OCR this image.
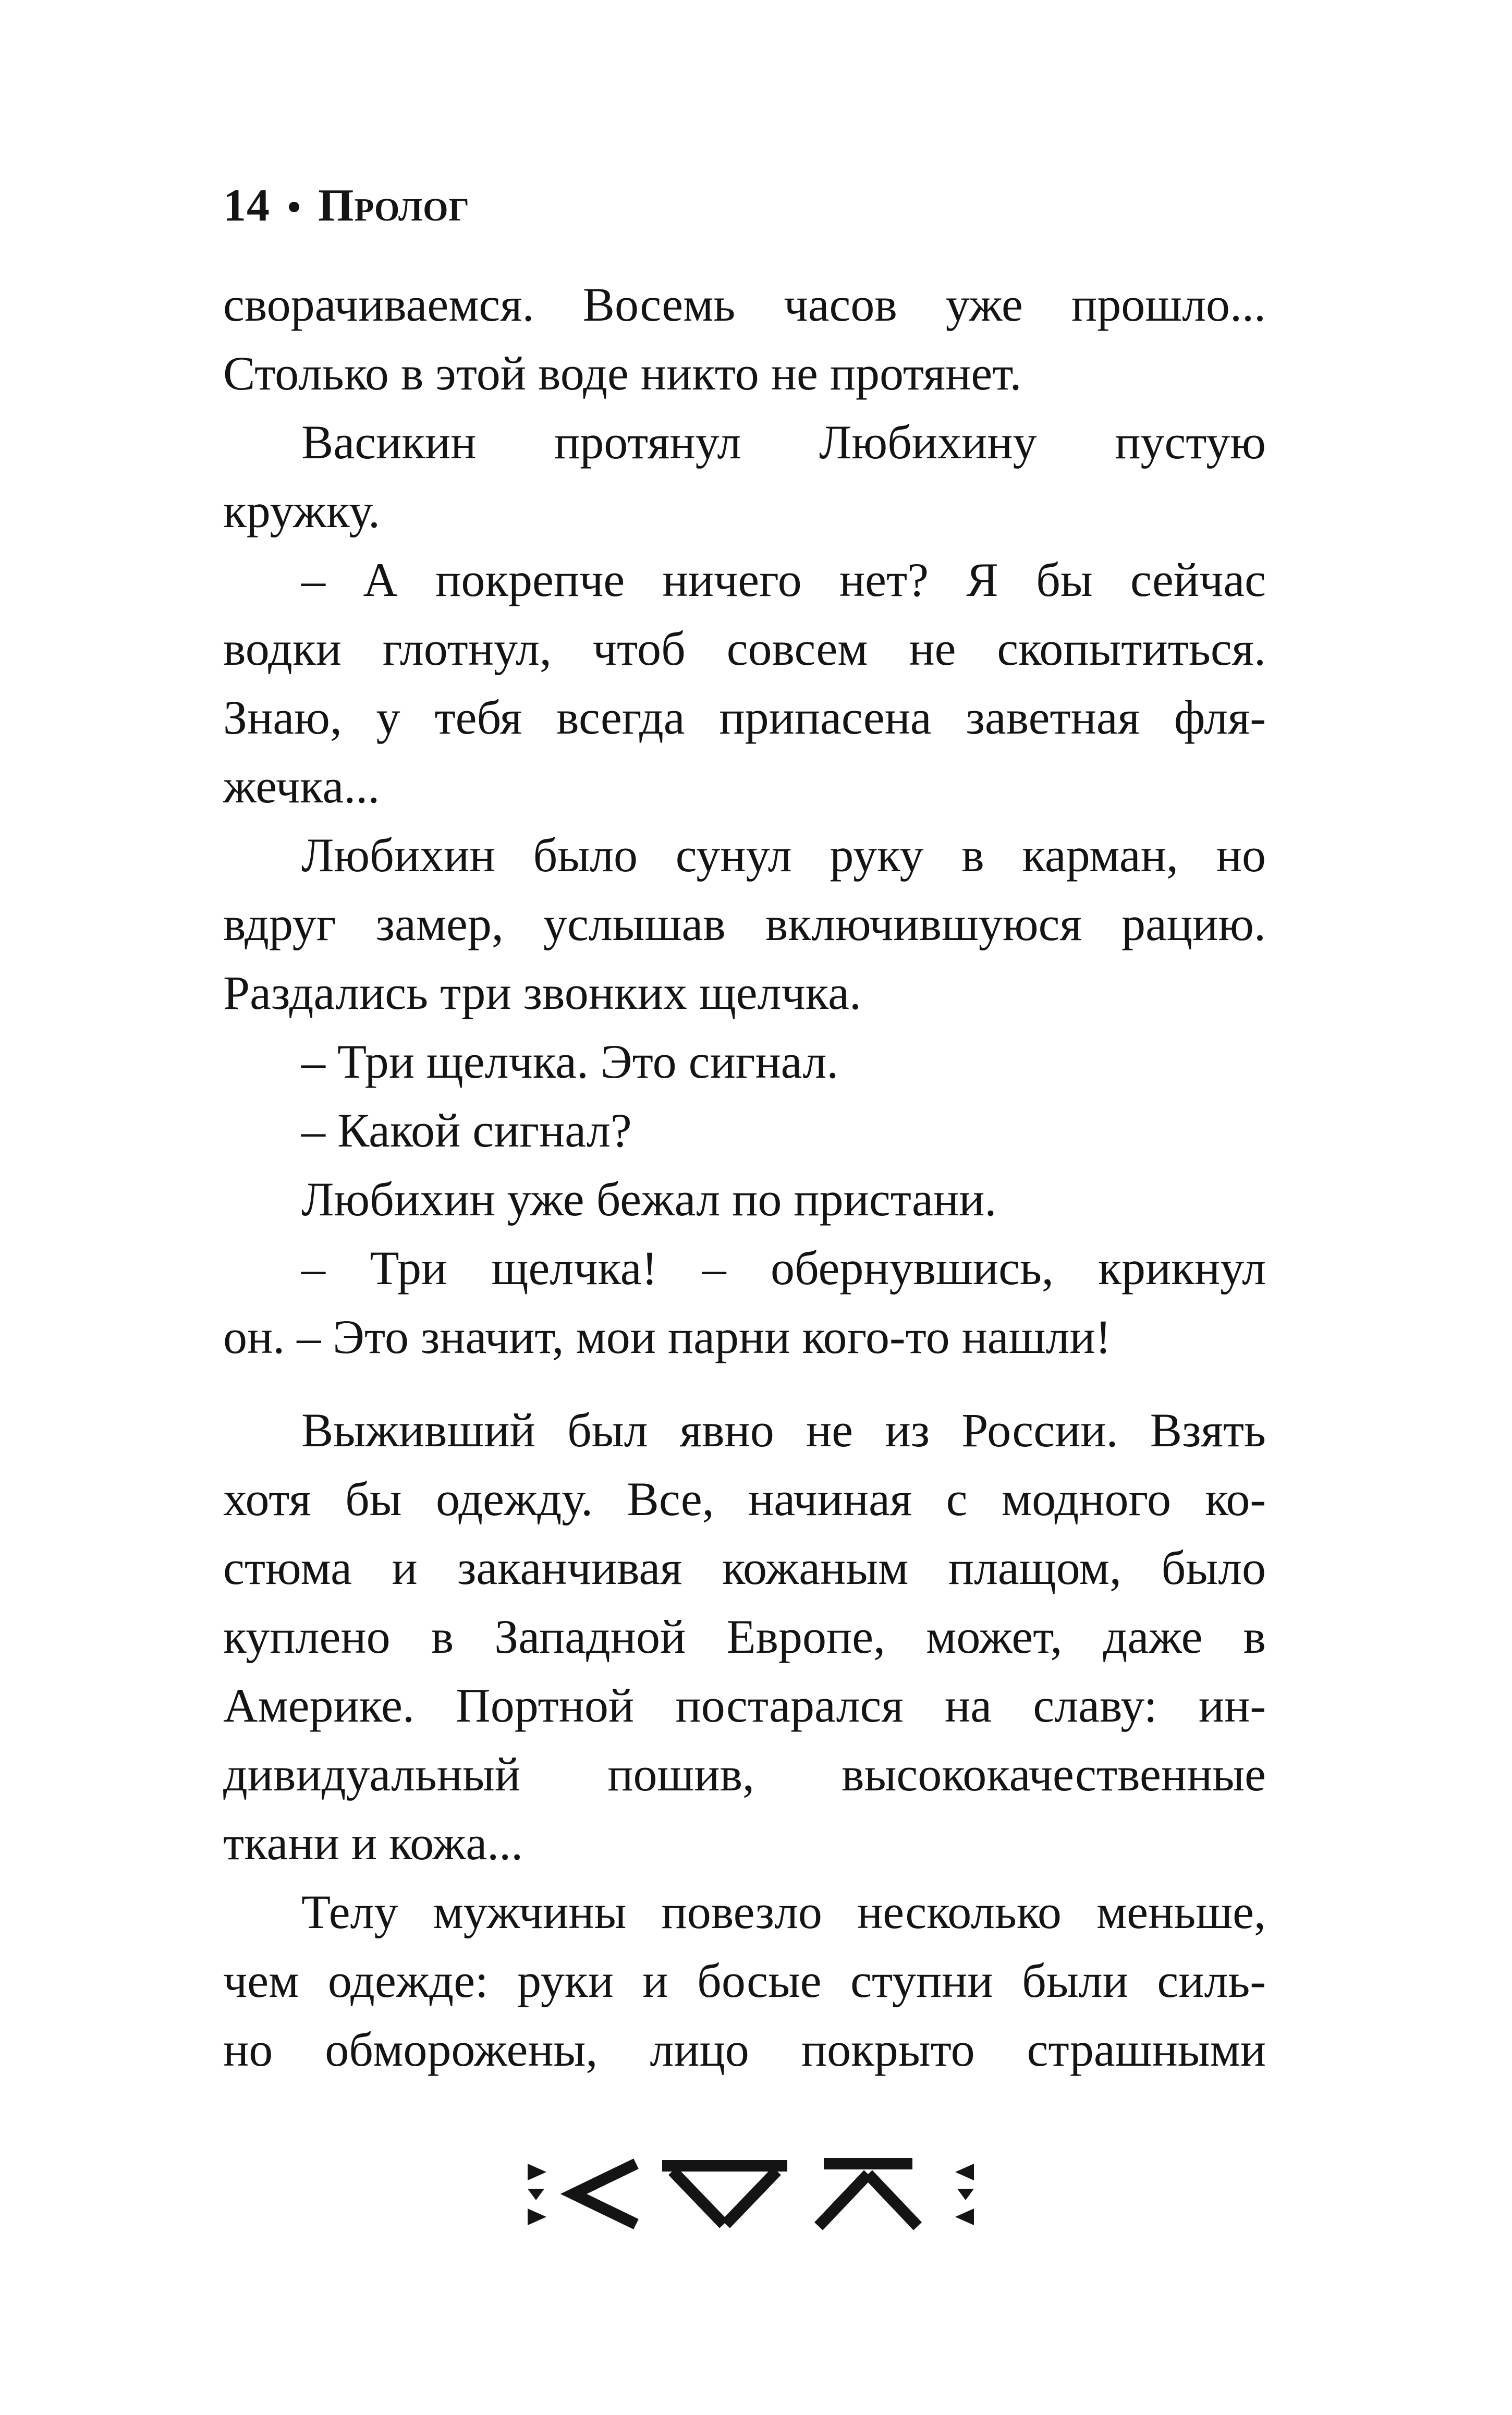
14 Пролог
сворачиваемся. Восемь часов уже прошло...
Столько в этой воде никто не протянет.
Васикин протянул Любихину пустую
кружку.
– А покрепче ничего нет? Я бы сейчас
водки глотнул, чтоб совсем не скопытиться.
Знаю, у тебя всегда припасена заветная фля-
жечка...
Любихин было сунул руку в карман, но
вдруг замер, услышав включившуюся рацию.
Раздались три звонких щелчка.
– Три щелчка. Это сигнал.
– Какой сигнал?
Любихин уже бежал по пристани.
– Три щелчка! – обернувшись, крикнул
он. – Это значит, мои парни кого-то нашли!
Выживший был явно не из России. Взять
хотя бы одежду. Все, начиная с модного ко-
стюма и заканчивая кожаным плащом, было
куплено в Западной Европе, может, даже в
Америке. Портной постарался на славу: ин-
дивидуальный пошив, высококачественные
ткани и кожа...
Телу мужчины повезло несколько меньше,
чем одежде: руки и босые ступни были силь-
но обморожены, лицо покрыто страшными
